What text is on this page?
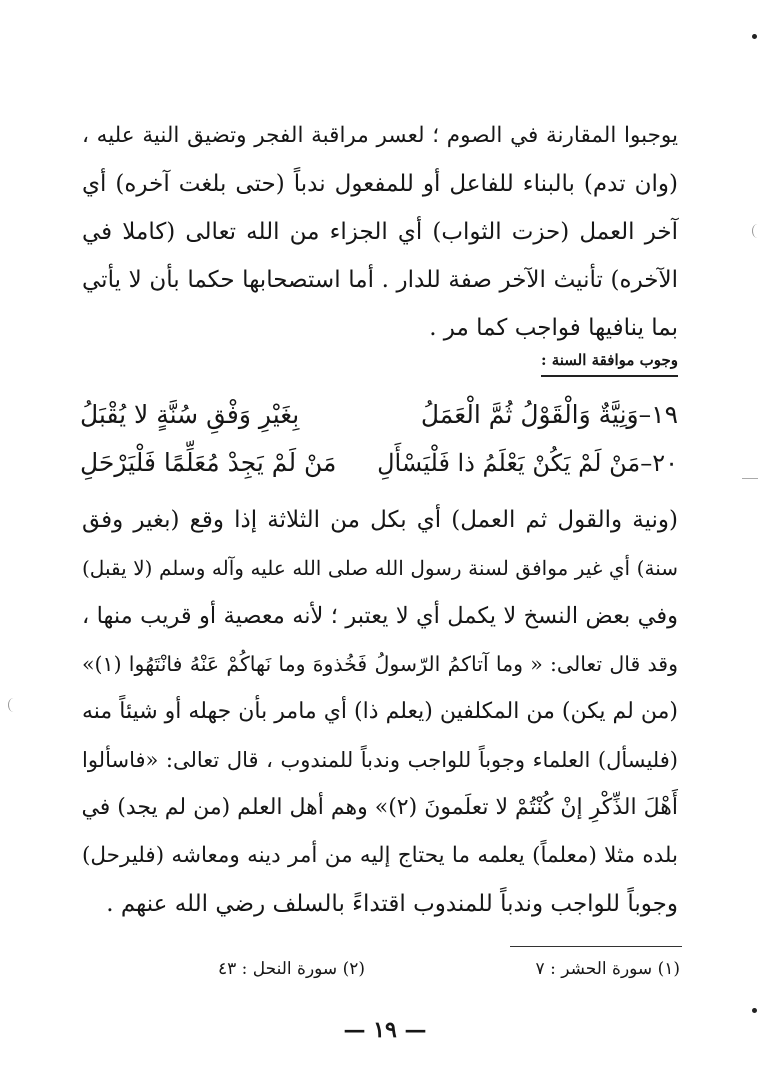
يوجبوا المقارنة في الصوم ؛ لعسر مراقبة الفجر وتضيق النية عليه ،
(وان تدم) بالبناء للفاعل أو للمفعول ندباً (حتى بلغت آخره) أي
آخر العمل (حزت الثواب) أي الجزاء من الله تعالى (كاملا في
الآخره) تأنيث الآخر صفة للدار . أما استصحابها حكما بأن لا يأتي
بما ينافيها فواجب كما مر .
وجوب موافقة السنة :
١٩–وَنِيَّةٌ وَالْقَوْلُ ثُمَّ الْعَمَلُ
بِغَيْرِ وَفْقِ سُنَّةٍ لا يُقْبَلُ
٢٠–مَنْ لَمْ يَكُنْ يَعْلَمُ ذا فَلْيَسْأَلِ
مَنْ لَمْ يَجِدْ مُعَلِّمًا فَلْيَرْحَلِ
(ونية والقول ثم العمل) أي بكل من الثلاثة إذا وقع (بغير وفق
سنة) أي غير موافق لسنة رسول الله صلى الله عليه وآله وسلم (لا يقبل)
وفي بعض النسخ لا يكمل أي لا يعتبر ؛ لأنه معصية أو قريب منها ،
وقد قال تعالى: « وما آتاكمُ الرّسولُ فَخُذوهَ وما نَهاكُمْ عَنْهُ فانْتَهُوا (١)»
(من لم يكن) من المكلفين (يعلم ذا) أي مامر بأن جهله أو شيئاً منه
(فليسأل) العلماء وجوباً للواجب وندباً للمندوب ، قال تعالى: «فاسألوا
أَهْلَ الذِّكْرِ إنْ كُنْتُمْ لا تعلَمونَ (٢)» وهم أهل العلم (من لم يجد) في
بلده مثلا (معلماً) يعلمه ما يحتاج إليه من أمر دينه ومعاشه (فليرحل)
وجوباً للواجب وندباً للمندوب اقتداءً بالسلف رضي الله عنهم .
(١) سورة الحشر : ٧
(٢) سورة النحل : ٤٣
— ١٩ —
